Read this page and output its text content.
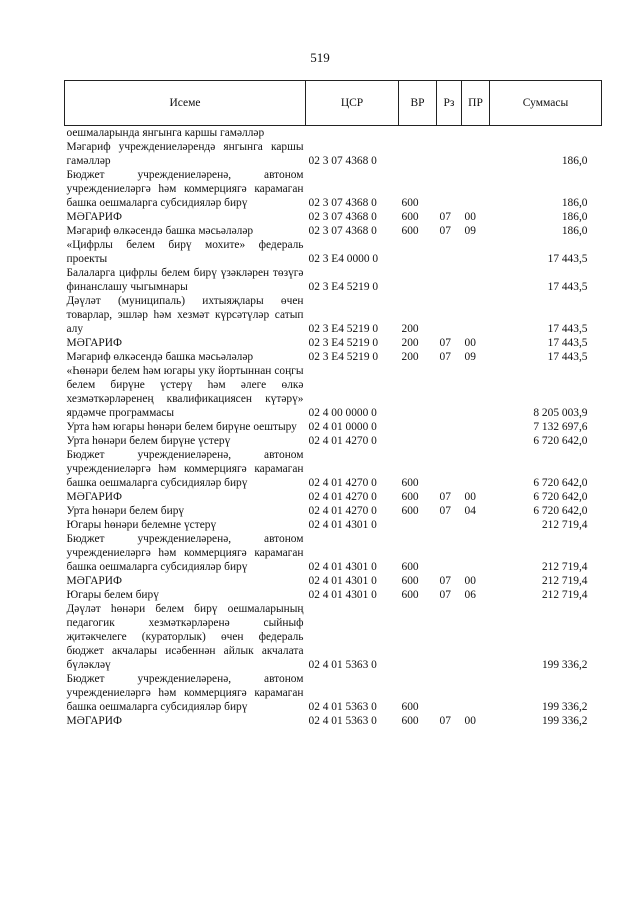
519
Исеме	ЦСР	ВР	Рз	ПР	Суммасы
оешмаларында янгынга каршы гамәлләр					
Мәгариф учреждениеләрендә янгынга каршы гамәлләр	02 3 07 4368 0				186,0
Бюджет учреждениеләренә, автоном учреждениеләргә һәм коммерциягә карамаган башка оешмаларга субсидияләр бирү	02 3 07 4368 0	600			186,0
МӘГАРИФ	02 3 07 4368 0	600	07	00	186,0
Мәгариф өлкәсендә башка мәсьәләләр	02 3 07 4368 0	600	07	09	186,0
«Цифрлы белем бирү мохите» федераль проекты	02 3 E4 0000 0				17 443,5
Балаларга цифрлы белем бирү үзәкләрен төзүгә финанслашу чыгымнары	02 3 E4 5219 0				17 443,5
Дәүләт (муниципаль) ихтыяҗлары өчен товарлар, эшләр һәм хезмәт күрсәтүләр сатып алу	02 3 E4 5219 0	200			17 443,5
МӘГАРИФ	02 3 E4 5219 0	200	07	00	17 443,5
Мәгариф өлкәсендә башка мәсьәләләр	02 3 E4 5219 0	200	07	09	17 443,5
«Һөнәри белем һәм югары уку йортыннан соңгы белем бирүне үстерү һәм әлеге өлкә хезмәткәрләренең квалификациясен күтәрү» ярдәмче программасы	02 4 00 0000 0				8 205 003,9
Урта һәм югары һөнәри белем бирүне оештыру	02 4 01 0000 0				7 132 697,6
Урта һөнәри белем бирүне үстерү	02 4 01 4270 0				6 720 642,0
Бюджет учреждениеләренә, автоном учреждениеләргә һәм коммерциягә карамаган башка оешмаларга субсидияләр бирү	02 4 01 4270 0	600			6 720 642,0
МӘГАРИФ	02 4 01 4270 0	600	07	00	6 720 642,0
Урта һөнәри белем бирү	02 4 01 4270 0	600	07	04	6 720 642,0
Югары һөнәри белемне үстерү	02 4 01 4301 0				212 719,4
Бюджет учреждениеләренә, автоном учреждениеләргә һәм коммерциягә карамаган башка оешмаларга субсидияләр бирү	02 4 01 4301 0	600			212 719,4
МӘГАРИФ	02 4 01 4301 0	600	07	00	212 719,4
Югары белем бирү	02 4 01 4301 0	600	07	06	212 719,4
Дәүләт һөнәри белем бирү оешмаларының педагогик хезмәткәрләренә сыйныф җитәкчелеге (кураторлык) өчен федераль бюджет акчалары исәбеннән айлык акчалата бүләкләү	02 4 01 5363 0				199 336,2
Бюджет учреждениеләренә, автоном учреждениеләргә һәм коммерциягә карамаган башка оешмаларга субсидияләр бирү	02 4 01 5363 0	600			199 336,2
МӘГАРИФ	02 4 01 5363 0	600	07	00	199 336,2
